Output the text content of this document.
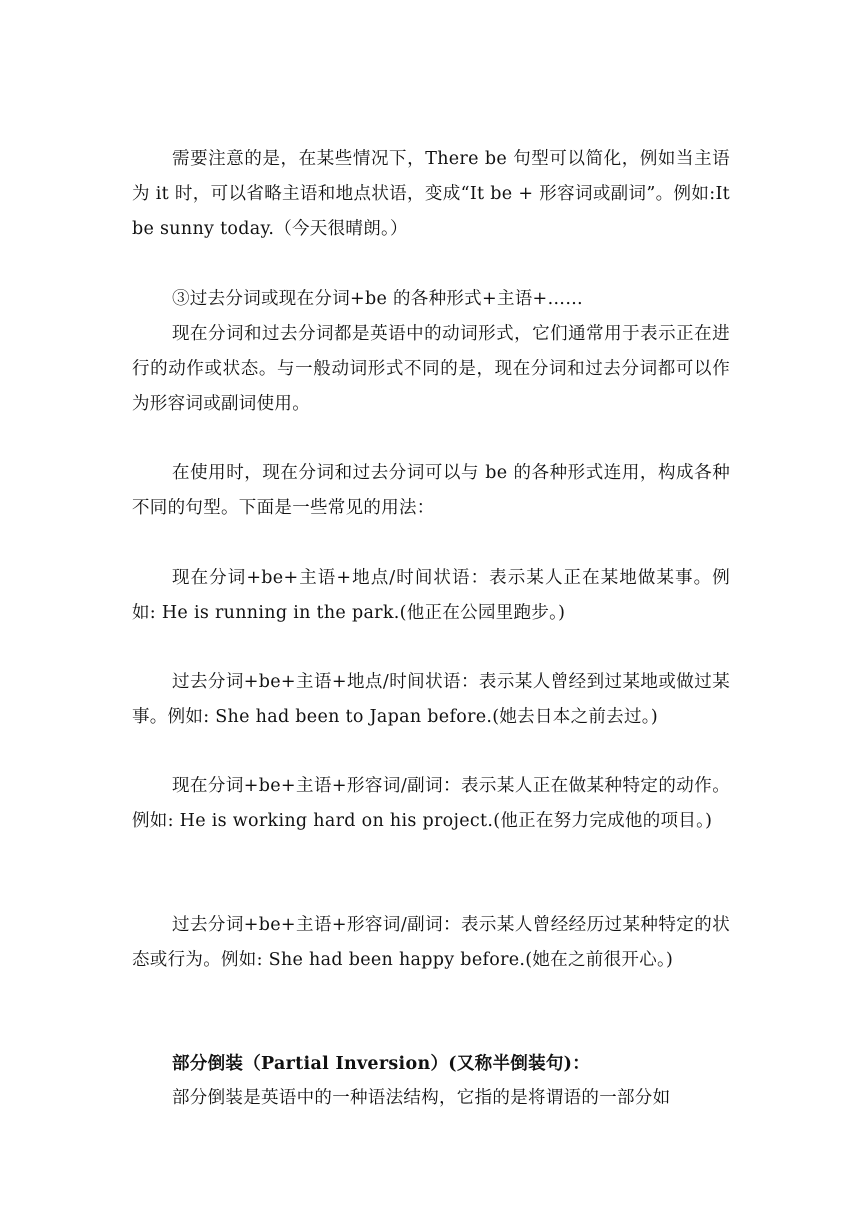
需要注意的是，在某些情况下，There be 句型可以简化，例如当主语为 it 时，可以省略主语和地点状语，变成“It be + 形容词或副词”。例如:It be sunny today.（今天很晴朗。）

③过去分词或现在分词+be 的各种形式+主语+……

现在分词和过去分词都是英语中的动词形式，它们通常用于表示正在进行的动作或状态。与一般动词形式不同的是，现在分词和过去分词都可以作为形容词或副词使用。

在使用时，现在分词和过去分词可以与 be 的各种形式连用，构成各种不同的句型。下面是一些常见的用法：

现在分词+be+主语+地点/时间状语：表示某人正在某地做某事。例如: He is running in the park.(他正在公园里跑步。)

过去分词+be+主语+地点/时间状语：表示某人曾经到过某地或做过某事。例如: She had been to Japan before.(她去日本之前去过。)

现在分词+be+主语+形容词/副词：表示某人正在做某种特定的动作。例如: He is working hard on his project.(他正在努力完成他的项目。)

过去分词+be+主语+形容词/副词：表示某人曾经经历过某种特定的状态或行为。例如: She had been happy before.(她在之前很开心。)

部分倒装（Partial Inversion）(又称半倒装句)：

部分倒装是英语中的一种语法结构，它指的是将谓语的一部分如
